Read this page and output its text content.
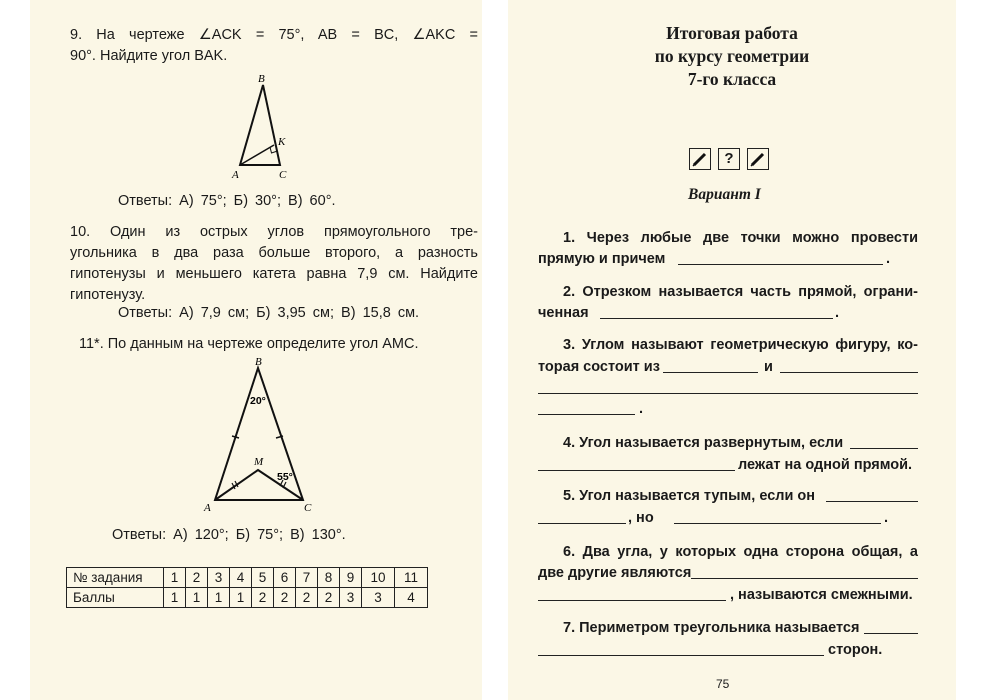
9. На чертеже ∠ACK = 75°, AB = BC, ∠AKC =
90°. Найдите угол BAK.
B
A	C
K
Ответы: А) 75°; Б) 30°; В) 60°.
10. Один из острых углов прямоугольного тре-
угольника в два раза больше второго, а разность
гипотенузы и меньшего катета равна 7,9 см. Найдите
гипотенузу.
Ответы: А) 7,9 см; Б) 3,95 см; В) 15,8 см.
11*. По данным на чертеже определите угол AMC.
B
20°
M
55°
A	C
Ответы: А) 120°; Б) 75°; В) 130°.
№ задания	1	2	3	4	5	6	7	8	9	10	11
Баллы	1	1	1	1	2	2	2	2	3	3	4
Итоговая работа
по курсу геометрии
7-го класса
?
Вариант I
1. Через любые две точки можно провести
прямую и причем	.
2. Отрезком называется часть прямой, ограни-
ченная	.
3. Углом называют геометрическую фигуру, ко-
торая состоит из	и
.
4. Угол называется развернутым, если
лежат на одной прямой.
5. Угол называется тупым, если он
, но	.
6. Два угла, у которых одна сторона общая, а
две другие являются
, называются смежными.
7. Периметром треугольника называется
сторон.
75
